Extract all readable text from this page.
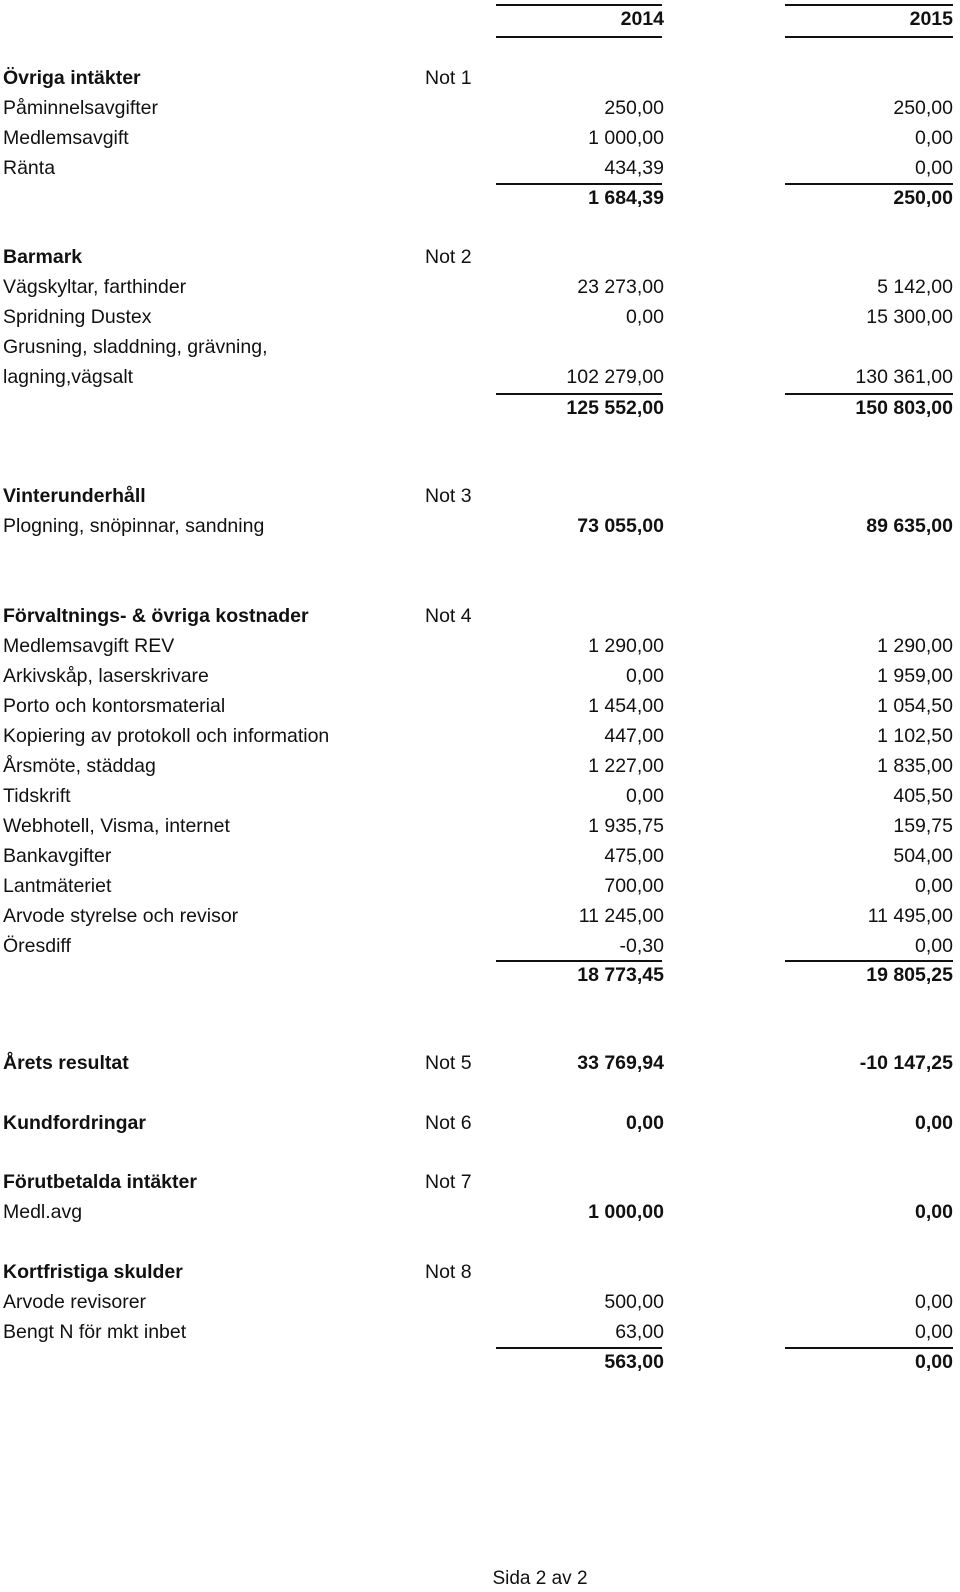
2014	2015
Övriga intäkter	Not 1
Påminnelsavgifter	250,00	250,00
Medlemsavgift	1 000,00	0,00
Ränta	434,39	0,00
1 684,39	250,00
Barmark	Not 2
Vägskyltar, farthinder	23 273,00	5 142,00
Spridning Dustex	0,00	15 300,00
Grusning, sladdning, grävning,
lagning,vägsalt	102 279,00	130 361,00
125 552,00	150 803,00
Vinterunderhåll	Not 3
Plogning, snöpinnar, sandning	73 055,00	89 635,00
Förvaltnings- & övriga kostnader	Not 4
Medlemsavgift REV	1 290,00	1 290,00
Arkivskåp, laserskrivare	0,00	1 959,00
Porto och kontorsmaterial	1 454,00	1 054,50
Kopiering av protokoll och information	447,00	1 102,50
Årsmöte, städdag	1 227,00	1 835,00
Tidskrift	0,00	405,50
Webhotell, Visma, internet	1 935,75	159,75
Bankavgifter	475,00	504,00
Lantmäteriet	700,00	0,00
Arvode styrelse och revisor	11 245,00	11 495,00
Öresdiff	-0,30	0,00
18 773,45	19 805,25
Årets resultat	Not 5	33 769,94	-10 147,25
Kundfordringar	Not 6	0,00	0,00
Förutbetalda intäkter	Not 7
Medl.avg	1 000,00	0,00
Kortfristiga skulder	Not 8
Arvode revisorer	500,00	0,00
Bengt N för mkt inbet	63,00	0,00
563,00	0,00
Sida 2 av 2
